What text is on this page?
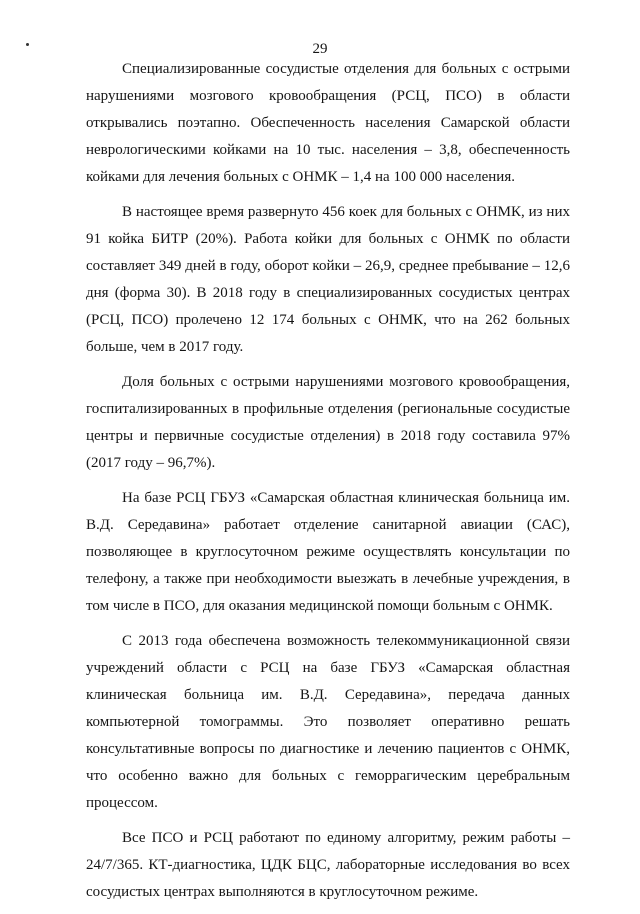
29

Специализированные сосудистые отделения для больных с острыми нарушениями мозгового кровообращения (РСЦ, ПСО) в области открывались поэтапно. Обеспеченность населения Самарской области неврологическими койками на 10 тыс. населения – 3,8, обеспеченность койками для лечения больных с ОНМК – 1,4 на 100 000 населения.

В настоящее время развернуто 456 коек для больных с ОНМК, из них 91 койка БИТР (20%). Работа койки для больных с ОНМК по области составляет 349 дней в году, оборот койки – 26,9, среднее пребывание – 12,6 дня (форма 30). В 2018 году в специализированных сосудистых центрах (РСЦ, ПСО) пролечено 12 174 больных с ОНМК, что на 262 больных больше, чем в 2017 году.

Доля больных с острыми нарушениями мозгового кровообращения, госпитализированных в профильные отделения (региональные сосудистые центры и первичные сосудистые отделения) в 2018 году составила 97% (2017 году – 96,7%).

На базе РСЦ ГБУЗ «Самарская областная клиническая больница им. В.Д. Середавина» работает отделение санитарной авиации (САС), позволяющее в круглосуточном режиме осуществлять консультации по телефону, а также при необходимости выезжать в лечебные учреждения, в том числе в ПСО, для оказания медицинской помощи больным с ОНМК.

С 2013 года обеспечена возможность телекоммуникационной связи учреждений области с РСЦ на базе ГБУЗ «Самарская областная клиническая больница им. В.Д. Середавина», передача данных компьютерной томограммы. Это позволяет оперативно решать консультативные вопросы по диагностике и лечению пациентов с ОНМК, что особенно важно для больных с геморрагическим церебральным процессом.

Все ПСО и РСЦ работают по единому алгоритму, режим работы – 24/7/365. КТ-диагностика, ЦДК БЦС, лабораторные исследования во всех сосудистых центрах выполняются в круглосуточном режиме.
